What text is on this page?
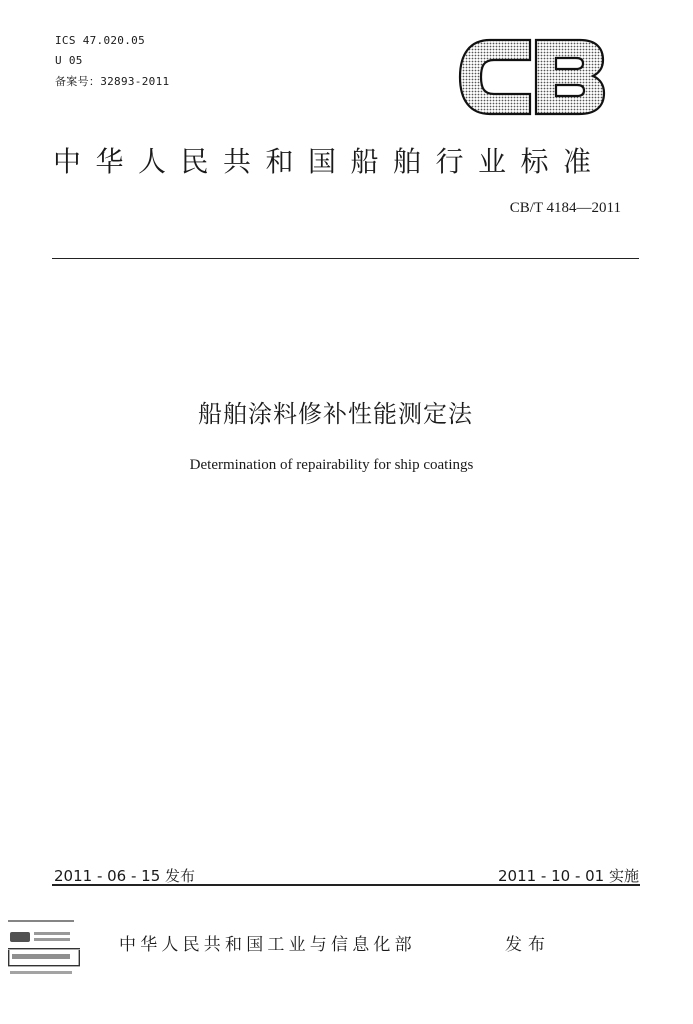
ICS 47.020.05
U 05
备案号：32893-2011	CB
中华人民共和国船舶行业标准
CB/T 4184—2011
船舶涂料修补性能测定法
Determination of repairability for ship coatings
2011 - 06 - 15 发布	2011 - 10 - 01 实施
中华人民共和国工业与信息化部	发布
